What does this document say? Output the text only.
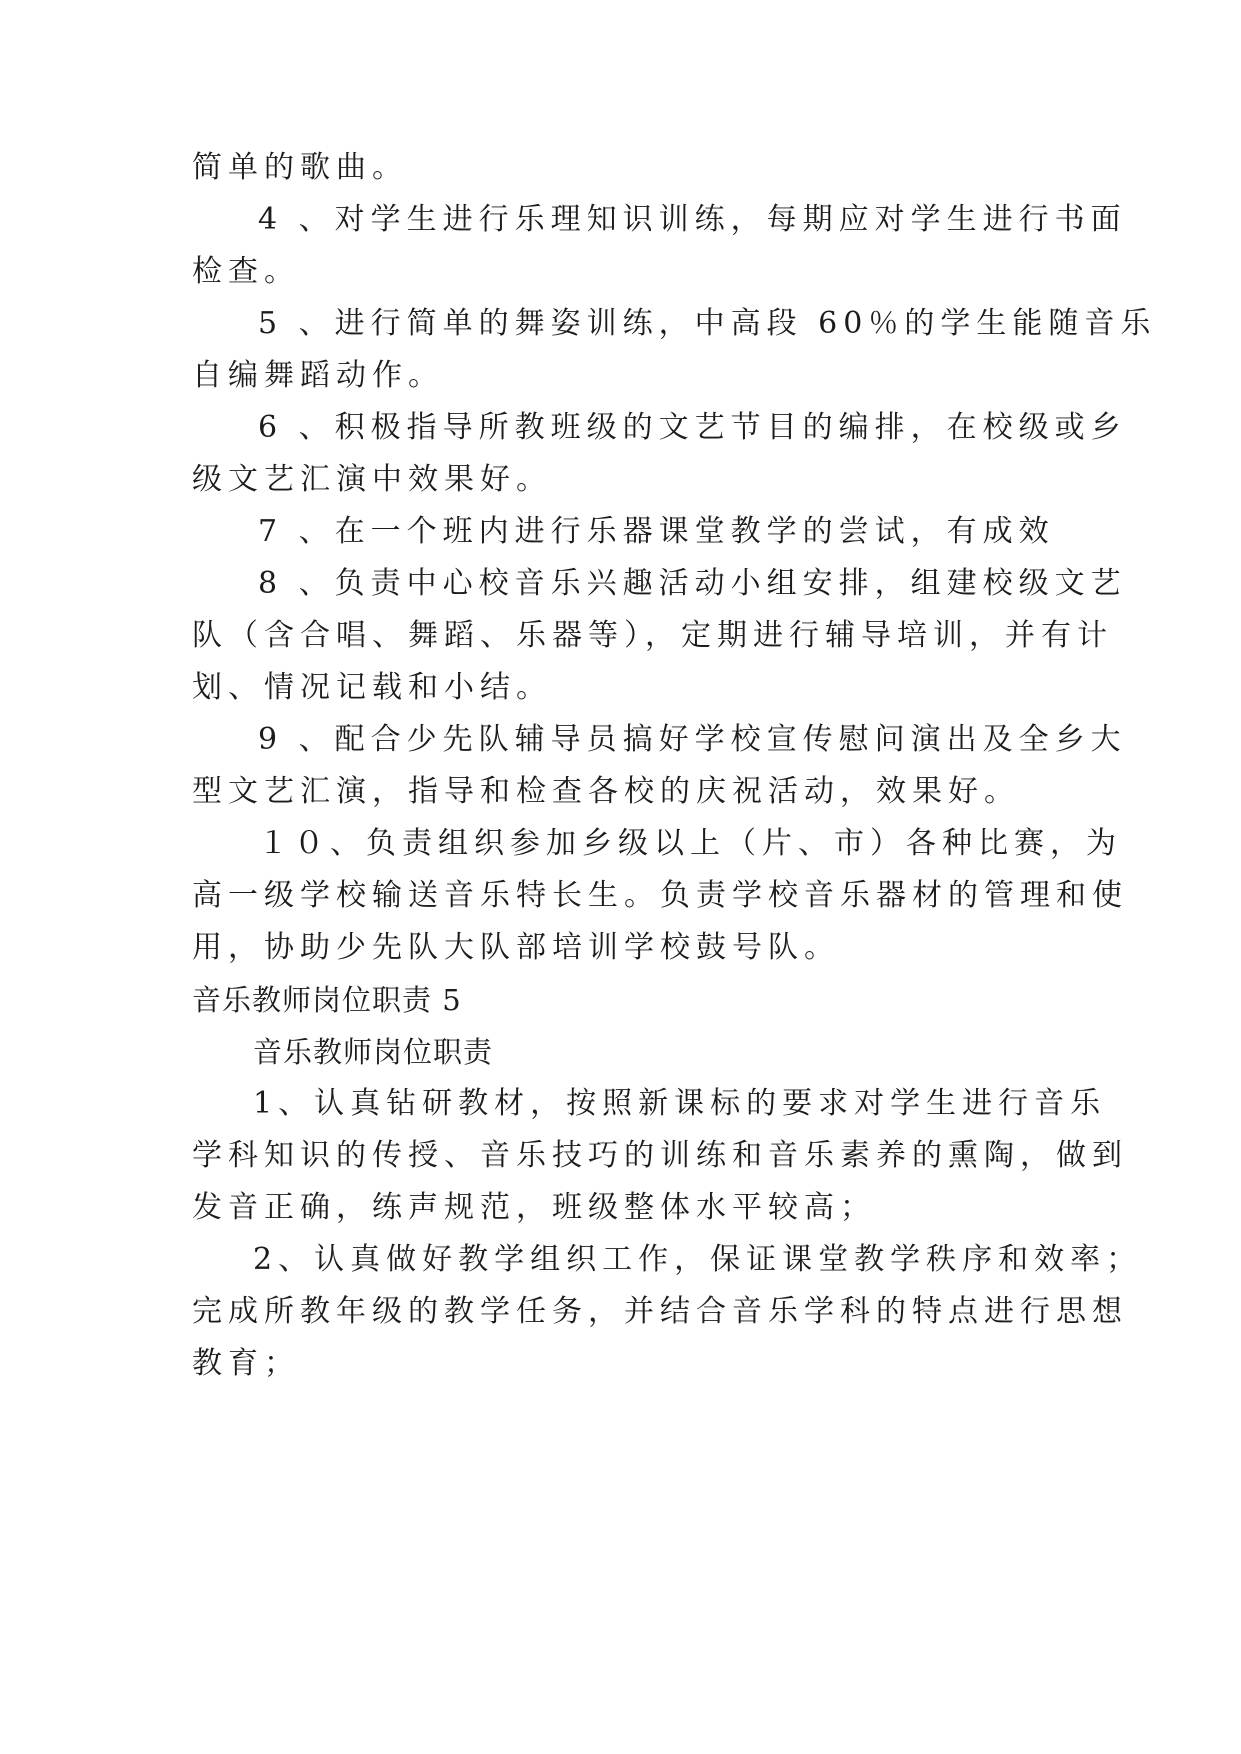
简单的歌曲。
4 、对学生进行乐理知识训练，每期应对学生进行书面
检查。
5 、进行简单的舞姿训练，中高段 60％的学生能随音乐
自编舞蹈动作。
6 、积极指导所教班级的文艺节目的编排，在校级或乡
级文艺汇演中效果好。
7 、在一个班内进行乐器课堂教学的尝试，有成效
8 、负责中心校音乐兴趣活动小组安排，组建校级文艺
队（含合唱、舞蹈、乐器等），定期进行辅导培训，并有计
划、情况记载和小结。
9 、配合少先队辅导员搞好学校宣传慰问演出及全乡大
型文艺汇演，指导和检查各校的庆祝活动，效果好。
１０、负责组织参加乡级以上（片、市）各种比赛，为
高一级学校输送音乐特长生。负责学校音乐器材的管理和使
用，协助少先队大队部培训学校鼓号队。
音乐教师岗位职责 5
音乐教师岗位职责
1、认真钻研教材，按照新课标的要求对学生进行音乐
学科知识的传授、音乐技巧的训练和音乐素养的熏陶，做到
发音正确，练声规范，班级整体水平较高；
2、认真做好教学组织工作，保证课堂教学秩序和效率；
完成所教年级的教学任务，并结合音乐学科的特点进行思想
教育；
